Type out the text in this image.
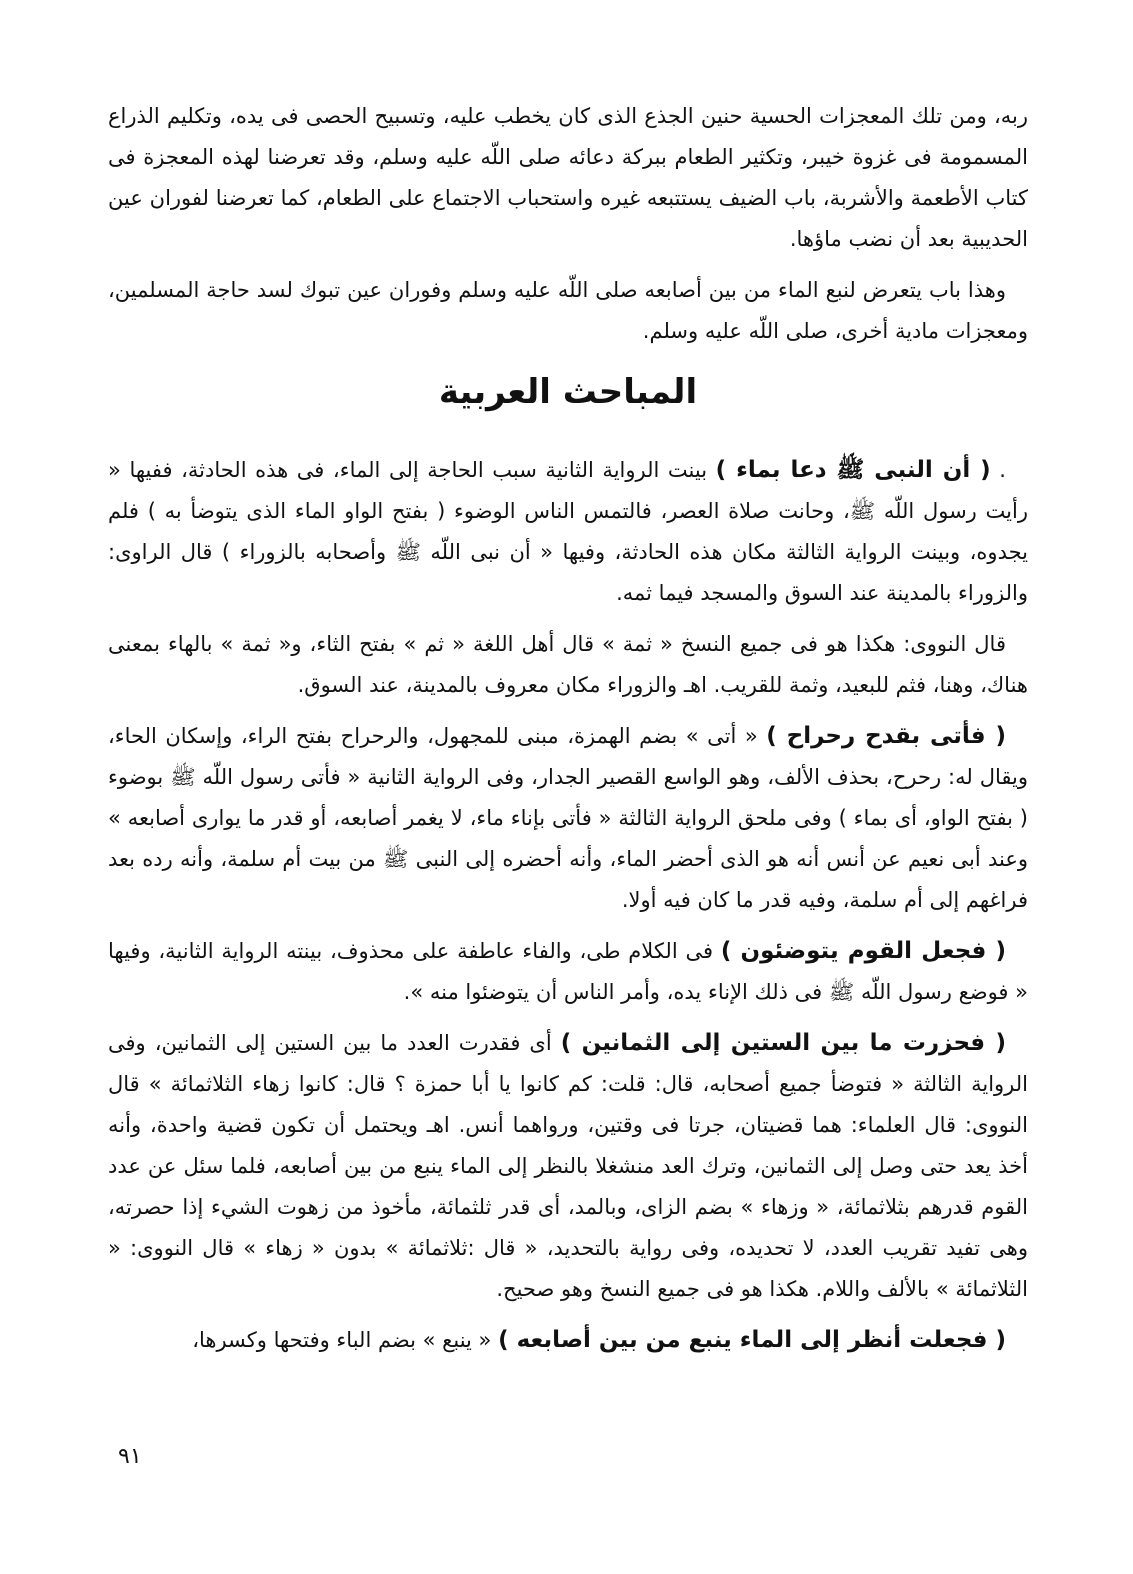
ربه، ومن تلك المعجزات الحسية حنين الجذع الذى كان يخطب عليه، وتسبيح الحصى فى يده، وتكليم الذراع المسمومة فى غزوة خيبر، وتكثير الطعام ببركة دعائه صلى اللّه عليه وسلم، وقد تعرضنا لهذه المعجزة فى كتاب الأطعمة والأشربة، باب الضيف يستتبعه غيره واستحباب الاجتماع على الطعام، كما تعرضنا لفوران عين الحديبية بعد أن نضب ماؤها.

وهذا باب يتعرض لنبع الماء من بين أصابعه صلى اللّه عليه وسلم وفوران عين تبوك لسد حاجة المسلمين، ومعجزات مادية أخرى، صلى اللّه عليه وسلم.

المباحث العربية

. ( أن النبى ﷺ دعا بماء ) بينت الرواية الثانية سبب الحاجة إلى الماء، فى هذه الحادثة، ففيها « رأيت رسول اللّه ﷺ، وحانت صلاة العصر، فالتمس الناس الوضوء ( بفتح الواو الماء الذى يتوضأ به ) فلم يجدوه، وبينت الرواية الثالثة مكان هذه الحادثة، وفيها « أن نبى اللّه ﷺ وأصحابه بالزوراء ) قال الراوى: والزوراء بالمدينة عند السوق والمسجد فيما ثمه.

قال النووى: هكذا هو فى جميع النسخ « ثمة » قال أهل اللغة « ثم » بفتح الثاء، و« ثمة » بالهاء بمعنى هناك، وهنا، فثم للبعيد، وثمة للقريب. اهـ والزوراء مكان معروف بالمدينة، عند السوق.

( فأتى بقدح رحراح ) « أتى » بضم الهمزة، مبنى للمجهول، والرحراح بفتح الراء، وإسكان الحاء، ويقال له: رحرح، بحذف الألف، وهو الواسع القصير الجدار، وفى الرواية الثانية « فأتى رسول اللّه ﷺ بوضوء ( بفتح الواو، أى بماء ) وفى ملحق الرواية الثالثة « فأتى بإناء ماء، لا يغمر أصابعه، أو قدر ما يوارى أصابعه » وعند أبى نعيم عن أنس أنه هو الذى أحضر الماء، وأنه أحضره إلى النبى ﷺ من بيت أم سلمة، وأنه رده بعد فراغهم إلى أم سلمة، وفيه قدر ما كان فيه أولا.

( فجعل القوم يتوضئون ) فى الكلام طى، والفاء عاطفة على محذوف، بينته الرواية الثانية، وفيها « فوضع رسول اللّه ﷺ فى ذلك الإناء يده، وأمر الناس أن يتوضئوا منه ».

( فحزرت ما بين الستين إلى الثمانين ) أى فقدرت العدد ما بين الستين إلى الثمانين، وفى الرواية الثالثة « فتوضأ جميع أصحابه، قال: قلت: كم كانوا يا أبا حمزة ؟ قال: كانوا زهاء الثلاثمائة » قال النووى: قال العلماء: هما قضيتان، جرتا فى وقتين، ورواهما أنس. اهـ ويحتمل أن تكون قضية واحدة، وأنه أخذ يعد حتى وصل إلى الثمانين، وترك العد منشغلا بالنظر إلى الماء ينبع من بين أصابعه، فلما سئل عن عدد القوم قدرهم بثلاثمائة، « وزهاء » بضم الزاى، وبالمد، أى قدر ثلثمائة، مأخوذ من زهوت الشيء إذا حصرته، وهى تفيد تقريب العدد، لا تحديده، وفى رواية بالتحديد، « قال :ثلاثمائة » بدون « زهاء » قال النووى: « الثلاثمائة » بالألف واللام. هكذا هو فى جميع النسخ وهو صحيح.

( فجعلت أنظر إلى الماء ينبع من بين أصابعه ) « ينبع » بضم الباء وفتحها وكسرها،

٩١
